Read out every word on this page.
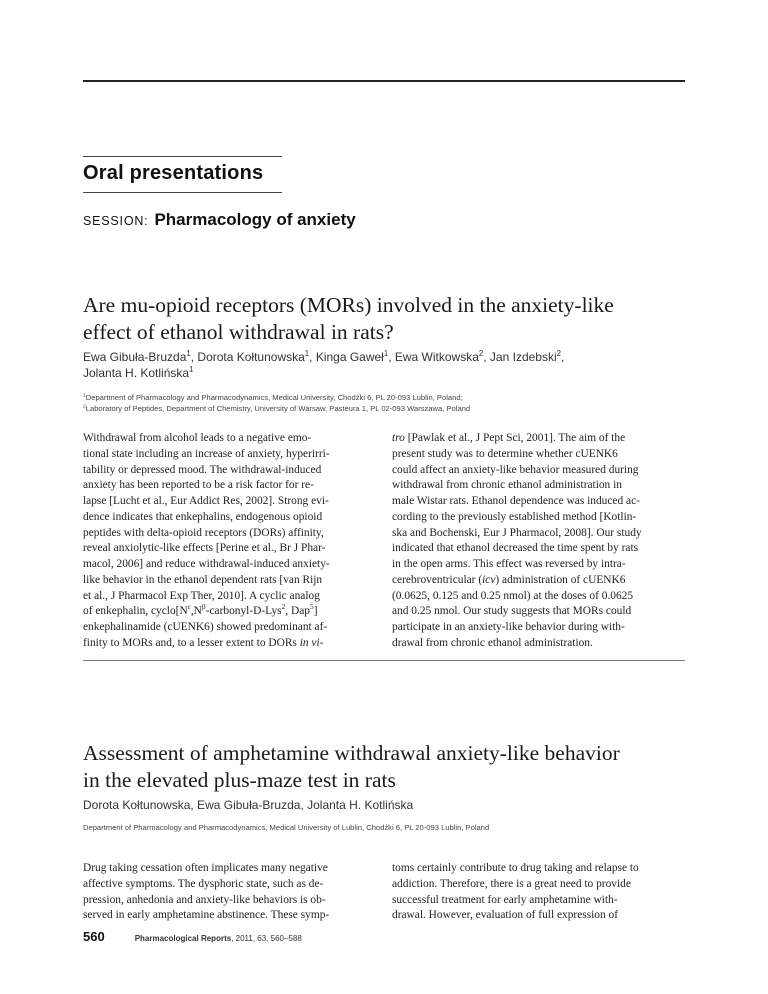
Oral presentations
SESSION: Pharmacology of anxiety
Are mu-opioid receptors (MORs) involved in the anxiety-like
effect of ethanol withdrawal in rats?
Ewa Gibuła-Bruzda$^1$, Dorota Kołtunowska$^1$, Kinga Gaweł$^1$, Ewa Witkowska$^2$, Jan Izdebski$^2$,
Jolanta H. Kotlińska$^1$
$^1$Department of Pharmacology and Pharmacodynamics, Medical University, Chodźki 6, PL 20-093 Lublin, Poland;
$^2$Laboratory of Peptides, Department of Chemistry, University of Warsaw, Pasteura 1, PL 02-093 Warszawa, Poland

Withdrawal from alcohol leads to a negative emo-
tional state including an increase of anxiety, hyperirri-
tability or depressed mood. The withdrawal-induced
anxiety has been reported to be a risk factor for re-
lapse [Lucht et al., Eur Addict Res, 2002]. Strong evi-
dence indicates that enkephalins, endogenous opioid
peptides with delta-opioid receptors (DORs) affinity,
reveal anxiolytic-like effects [Perine et al., Br J Phar-
macol, 2006] and reduce withdrawal-induced anxiety-
like behavior in the ethanol dependent rats [van Rijn
et al., J Pharmacol Exp Ther, 2010]. A cyclic analog
of enkephalin, $cyclo[N^\varepsilon,N^\beta-carbonyl-D-Lys^2$, Dap$^5$]
enkephalinamide (cUENK6) showed predominant af-
finity to MORs and, to a lesser extent to DORs in vi-

tro [Pawlak et al., J Pept Sci, 2001]. The aim of the
present study was to determine whether cUENK6
could affect an anxiety-like behavior measured during
withdrawal from chronic ethanol administration in
male Wistar rats. Ethanol dependence was induced ac-
cording to the previously established method [Kotlin-
ska and Bochenski, Eur J Pharmacol, 2008]. Our study
indicated that ethanol decreased the time spent by rats
in the open arms. This effect was reversed by intra-
cerebroventricular (icv) administration of cUENK6
(0.0625, 0.125 and 0.25 nmol) at the doses of 0.0625
and 0.25 nmol. Our study suggests that MORs could
participate in an anxiety-like behavior during with-
drawal from chronic ethanol administration.

Assessment of amphetamine withdrawal anxiety-like behavior
in the elevated plus-maze test in rats
Dorota Kołtunowska, Ewa Gibuła-Bruzda, Jolanta H. Kotlińska
Department of Pharmacology and Pharmacodynamics, Medical University of Lublin, Chodźki 6, PL 20-093 Lublin, Poland

Drug taking cessation often implicates many negative
affective symptoms. The dysphoric state, such as de-
pression, anhedonia and anxiety-like behaviors is ob-
served in early amphetamine abstinence. These symp-

toms certainly contribute to drug taking and relapse to
addiction. Therefore, there is a great need to provide
successful treatment for early amphetamine with-
drawal. However, evaluation of full expression of

560	Pharmacological Reports, 2011, 63, 560–588
